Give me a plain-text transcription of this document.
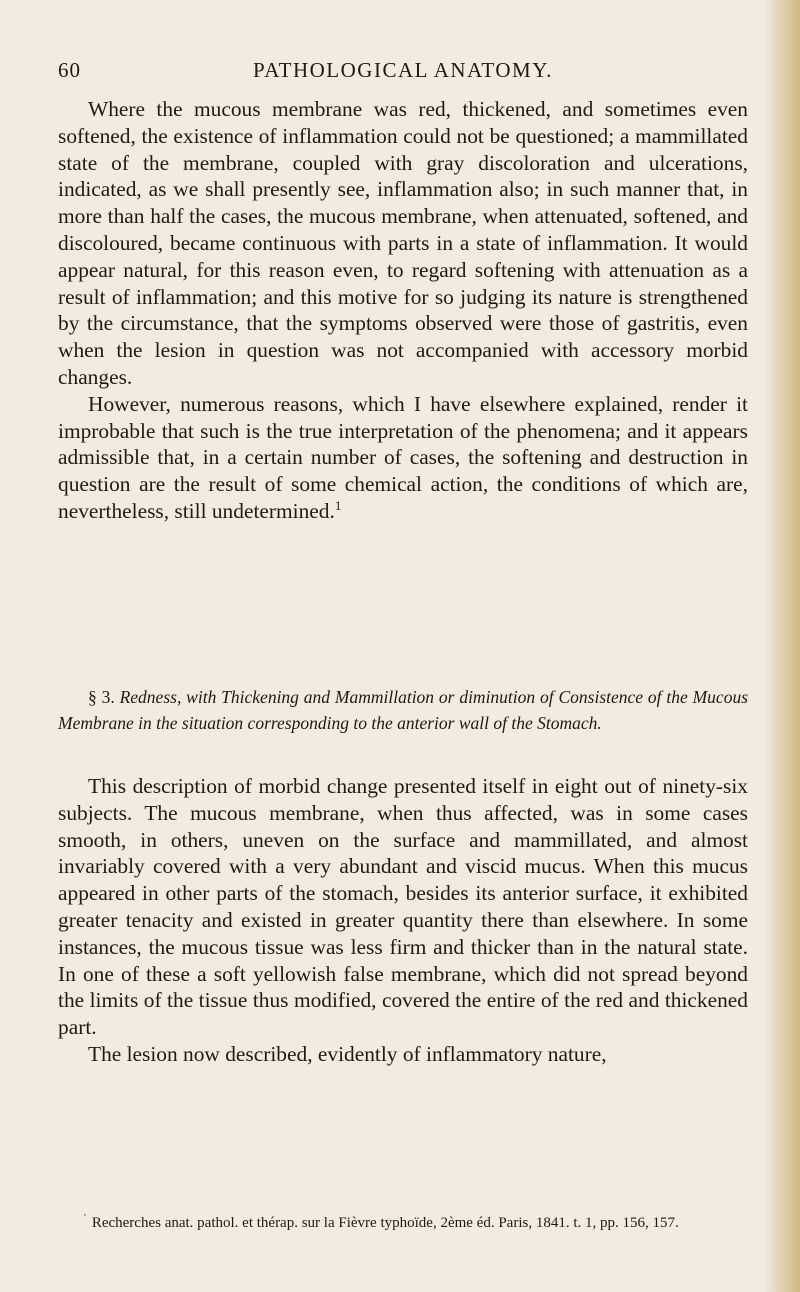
PATHOLOGICAL ANATOMY.
60

Where the mucous membrane was red, thickened, and sometimes even softened, the existence of inflammation could not be questioned; a mammillated state of the membrane, coupled with gray discoloration and ulcerations, indicated, as we shall presently see, inflammation also; in such manner that, in more than half the cases, the mucous membrane, when attenuated, softened, and discoloured, became continuous with parts in a state of inflammation. It would appear natural, for this reason even, to regard softening with attenuation as a result of inflammation; and this motive for so judging its nature is strengthened by the circumstance, that the symptoms observed were those of gastritis, even when the lesion in question was not accompanied with accessory morbid changes.

However, numerous reasons, which I have elsewhere explained, render it improbable that such is the true interpretation of the phenomena; and it appears admissible that, in a certain number of cases, the softening and destruction in question are the result of some chemical action, the conditions of which are, nevertheless, still undetermined.$^1$

§ 3. Redness, with Thickening and Mammillation or diminution of Consistence of the Mucous Membrane in the situation corresponding to the anterior wall of the Stomach.

This description of morbid change presented itself in eight out of ninety-six subjects. The mucous membrane, when thus affected, was in some cases smooth, in others, uneven on the surface and mammillated, and almost invariably covered with a very abundant and viscid mucus. When this mucus appeared in other parts of the stomach, besides its anterior surface, it exhibited greater tenacity and existed in greater quantity there than elsewhere. In some instances, the mucous tissue was less firm and thicker than in the natural state. In one of these a soft yellowish false membrane, which did not spread beyond the limits of the tissue thus modified, covered the entire of the red and thickened part.

The lesion now described, evidently of inflammatory nature,

' Recherches anat. pathol. et thérap. sur la Fièvre typhoïde, 2ème éd. Paris, 1841. t. 1, pp. 156, 157.
